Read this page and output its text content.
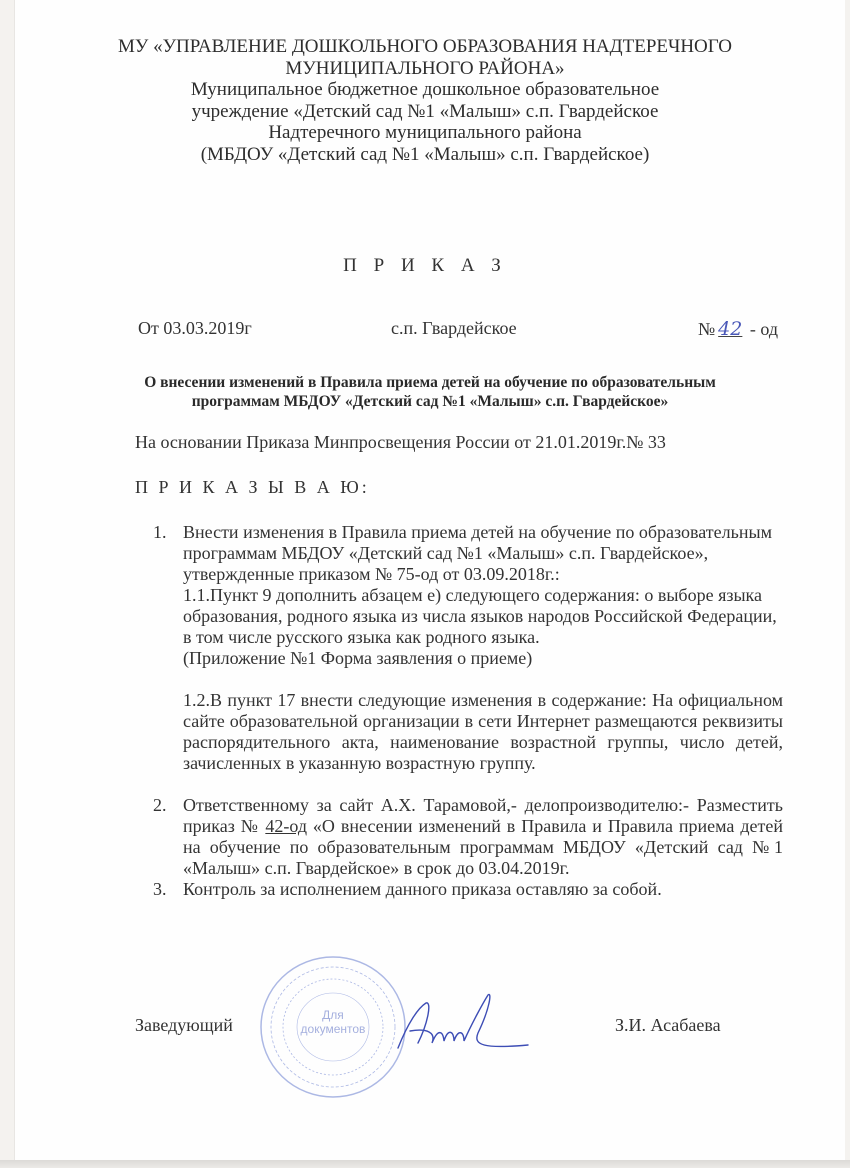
МУ «УПРАВЛЕНИЕ ДОШКОЛЬНОГО ОБРАЗОВАНИЯ НАДТЕРЕЧНОГО
МУНИЦИПАЛЬНОГО РАЙОНА»
Муниципальное бюджетное дошкольное образовательное
учреждение «Детский сад №1 «Малыш» с.п. Гвардейское
Надтеречного муниципального района
(МБДОУ «Детский сад №1 «Малыш» с.п. Гвардейское)
П Р И К А З
От 03.03.2019г	с.п. Гвардейское	№ 42 - од
О внесении изменений в Правила приема детей на обучение по образовательным
программам МБДОУ «Детский сад №1 «Малыш» с.п. Гвардейское»
На основании Приказа Минпросвещения России от 21.01.2019г.№ 33
П Р И К А З Ы В А Ю:
1. Внести изменения в Правила приема детей на обучение по образовательным программам МБДОУ «Детский сад №1 «Малыш» с.п. Гвардейское», утвержденные приказом № 75-од от 03.09.2018г.:

1.1.Пункт 9 дополнить абзацем е) следующего содержания: о выборе языка образования, родного языка из числа языков народов Российской Федерации, в том числе русского языка как родного языка.

(Приложение №1 Форма заявления о приеме)

1.2.В пункт 17 внести следующие изменения в содержание: На официальном сайте образовательной организации в сети Интернет размещаются реквизиты распорядительного акта, наименование возрастной группы, число детей, зачисленных в указанную возрастную группу.

2. Ответственному за сайт А.Х. Тарамовой,- делопроизводителю:- Разместить приказ № 42-од «О внесении изменений в Правила и Правила приема детей на обучение по образовательным программам МБДОУ «Детский сад №1 «Малыш» с.п. Гвардейское» в срок до 03.04.2019г.

3. Контроль за исполнением данного приказа оставляю за собой.

Для
документов
Заведующий	З.И. Асабаева
